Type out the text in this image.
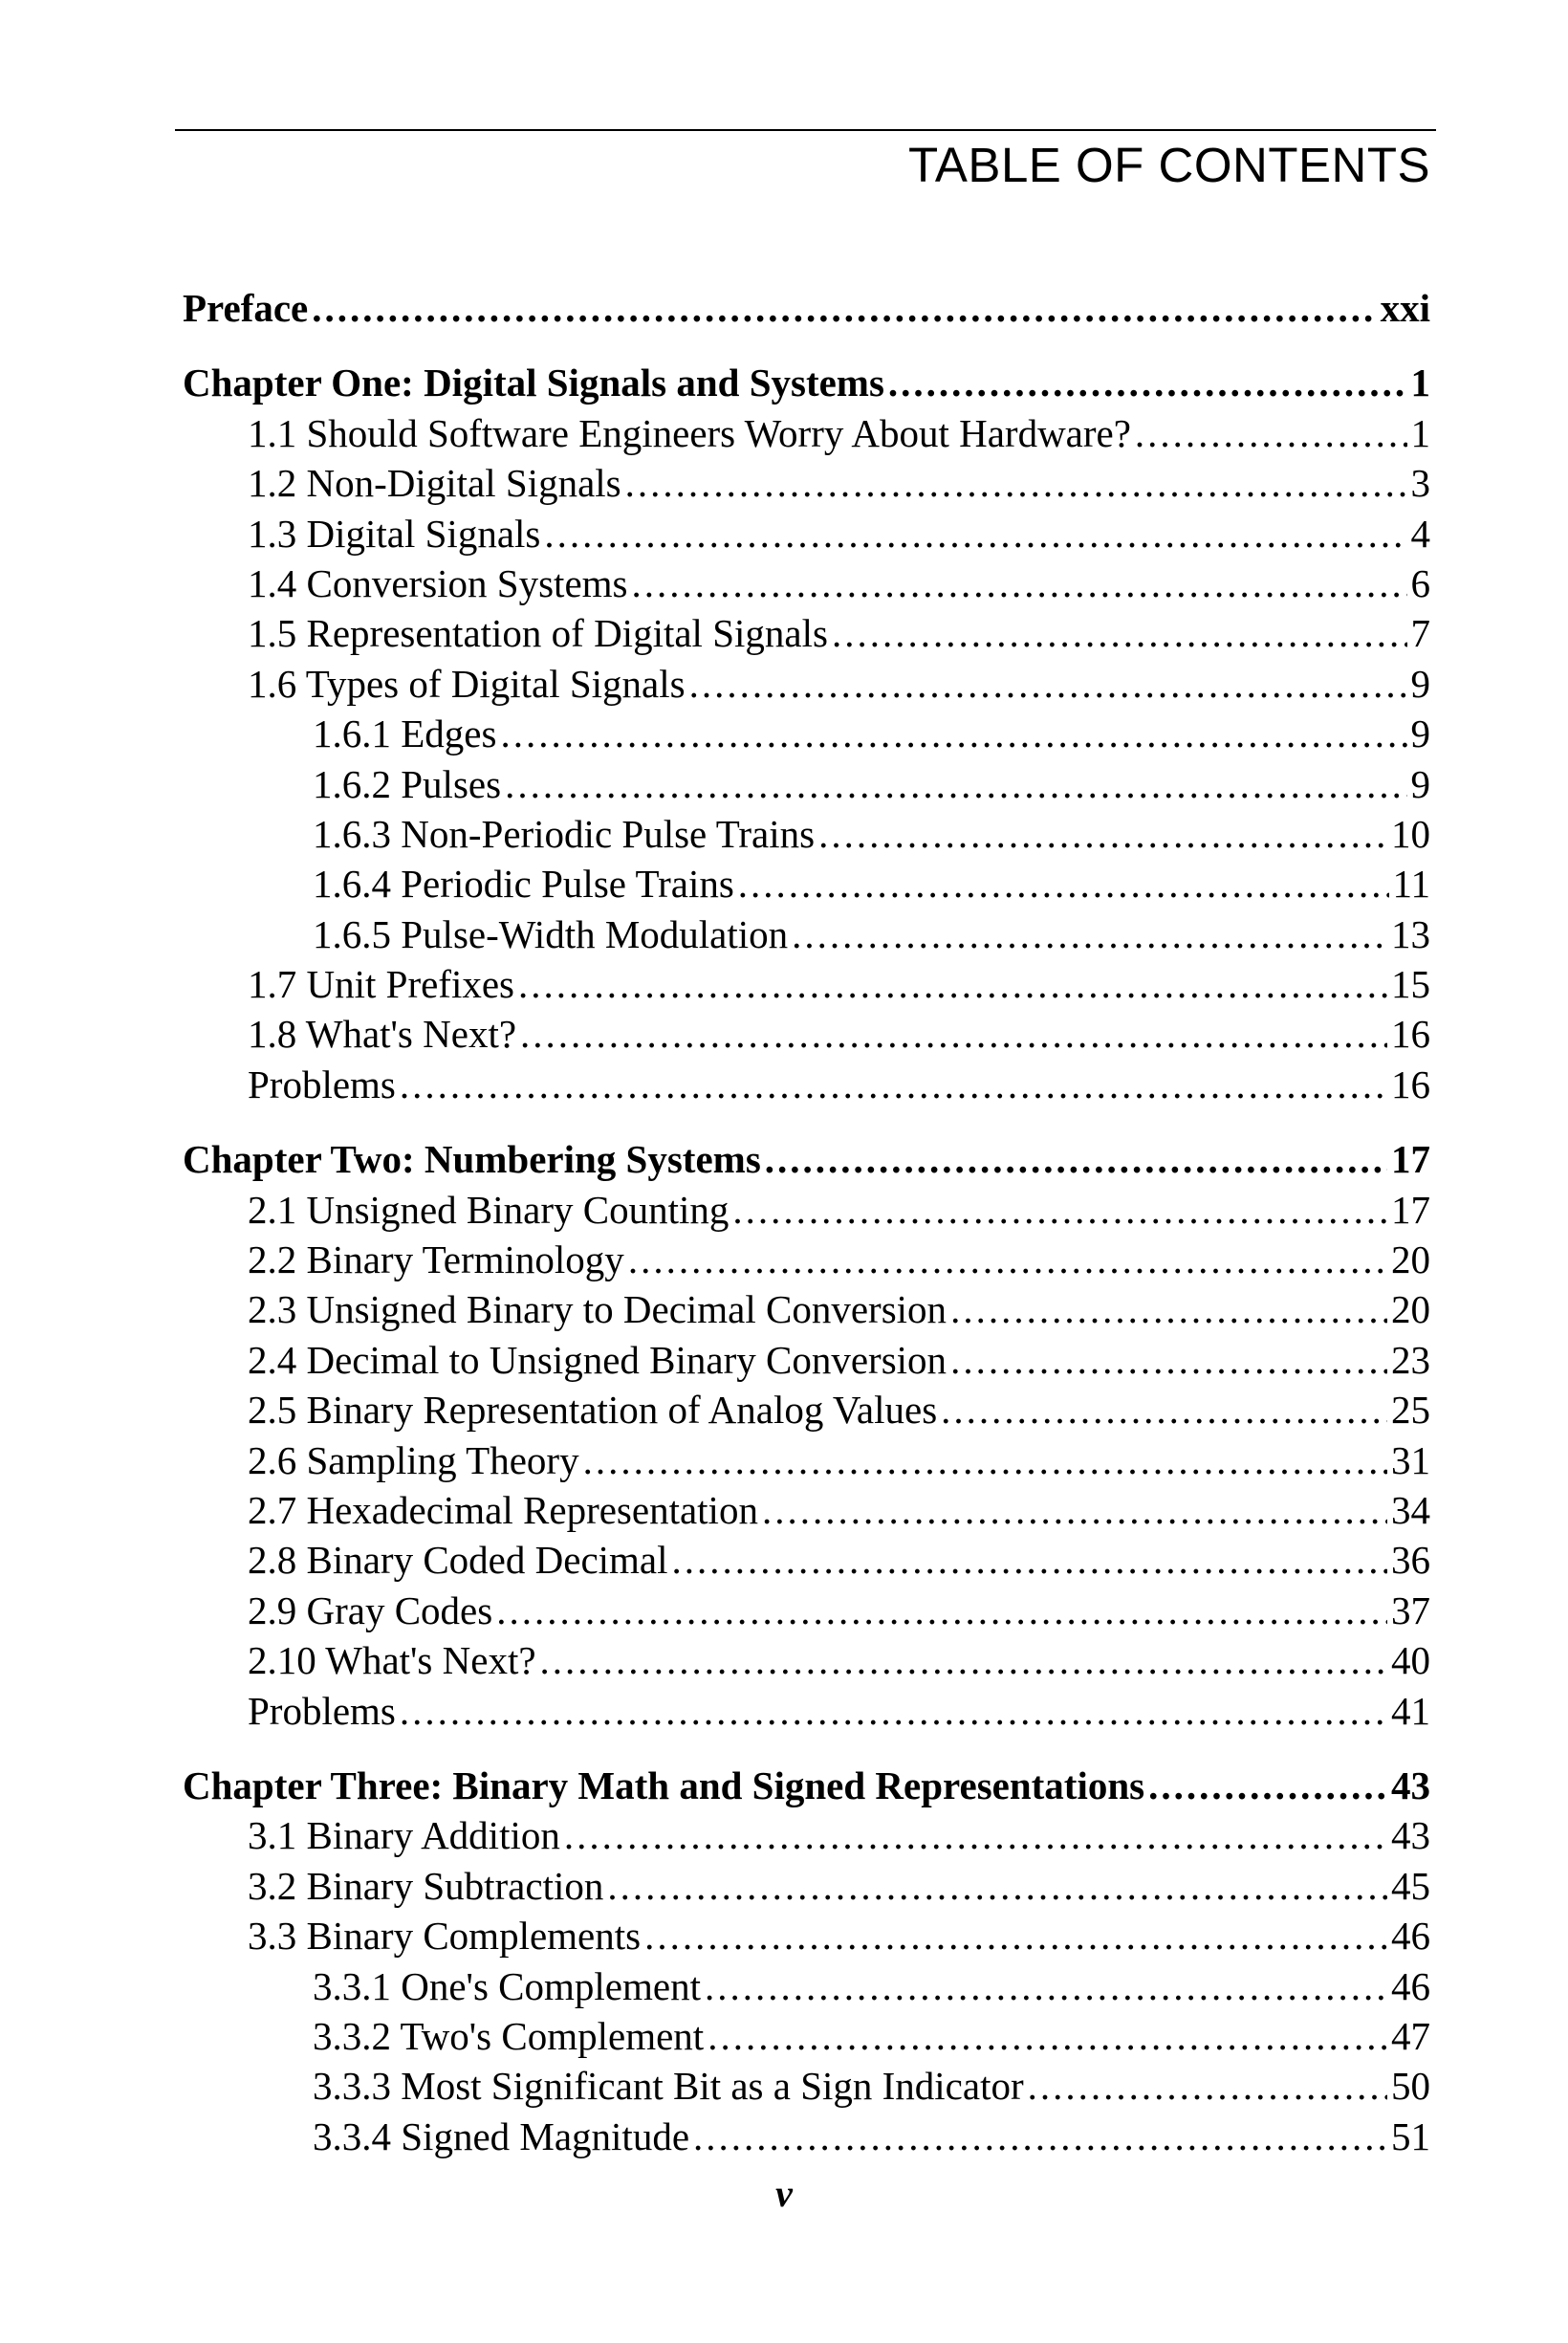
TABLE OF CONTENTS
Preface .....	xxi
Chapter One: Digital Signals and Systems .....	1
1.1 Should Software Engineers Worry About Hardware? .....	1
1.2 Non-Digital Signals .....	3
1.3 Digital Signals .....	4
1.4 Conversion Systems .....	6
1.5 Representation of Digital Signals .....	7
1.6 Types of Digital Signals .....	9
1.6.1 Edges .....	9
1.6.2 Pulses .....	9
1.6.3 Non-Periodic Pulse Trains .....	10
1.6.4 Periodic Pulse Trains .....	11
1.6.5 Pulse-Width Modulation .....	13
1.7 Unit Prefixes .....	15
1.8 What's Next? .....	16
Problems .....	16
Chapter Two: Numbering Systems .....	17
2.1 Unsigned Binary Counting .....	17
2.2 Binary Terminology .....	20
2.3 Unsigned Binary to Decimal Conversion .....	20
2.4 Decimal to Unsigned Binary Conversion .....	23
2.5 Binary Representation of Analog Values .....	25
2.6 Sampling Theory .....	31
2.7 Hexadecimal Representation .....	34
2.8 Binary Coded Decimal .....	36
2.9 Gray Codes .....	37
2.10 What's Next? .....	40
Problems .....	41
Chapter Three: Binary Math and Signed Representations .....	43
3.1 Binary Addition .....	43
3.2 Binary Subtraction .....	45
3.3 Binary Complements .....	46
3.3.1 One's Complement .....	46
3.3.2 Two's Complement .....	47
3.3.3 Most Significant Bit as a Sign Indicator .....	50
3.3.4 Signed Magnitude .....	51
v
